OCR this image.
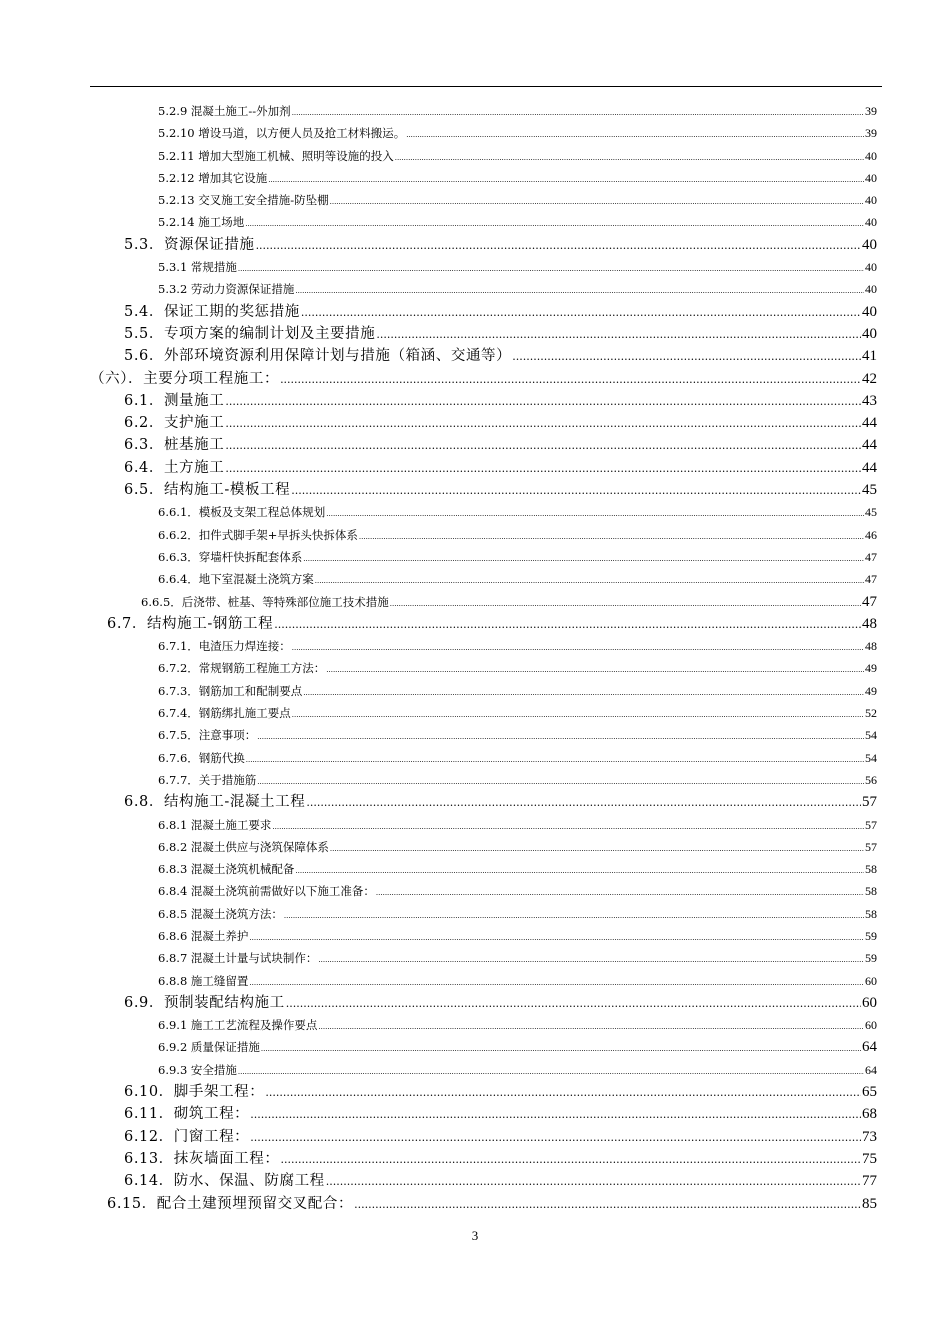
5.2.9 混凝土施工--外加剂 .....	39
5.2.10 增设马道，以方便人员及抢工材料搬运。 .....	39
5.2.11 增加大型施工机械、照明等设施的投入 .....	40
5.2.12 增加其它设施 .....	40
5.2.13 交叉施工安全措施-防坠棚 .....	40
5.2.14 施工场地 .....	40
5.3．资源保证措施 .....	40
5.3.1 常规措施 .....	40
5.3.2 劳动力资源保证措施 .....	40
5.4．保证工期的奖惩措施 .....	40
5.5．专项方案的编制计划及主要措施 .....	40
5.6．外部环境资源利用保障计划与措施（箱涵、交通等） .....	41
（六）．主要分项工程施工： .....	42
6.1．测量施工 .....	43
6.2．支护施工 .....	44
6.3．桩基施工 .....	44
6.4．土方施工 .....	44
6.5．结构施工-模板工程 .....	45
6.6.1．模板及支架工程总体规划 .....	45
6.6.2．扣件式脚手架+早拆头快拆体系 .....	46
6.6.3．穿墙杆快拆配套体系 .....	47
6.6.4．地下室混凝土浇筑方案 .....	47
6.6.5．后浇带、桩基、等特殊部位施工技术措施 .....	47
6.7．结构施工-钢筋工程 .....	48
6.7.1．电渣压力焊连接： .....	48
6.7.2．常规钢筋工程施工方法： .....	49
6.7.3．钢筋加工和配制要点 .....	49
6.7.4．钢筋绑扎施工要点 .....	52
6.7.5．注意事项： .....	54
6.7.6．钢筋代换 .....	54
6.7.7．关于措施筋 .....	56
6.8．结构施工-混凝土工程 .....	57
6.8.1 混凝土施工要求 .....	57
6.8.2 混凝土供应与浇筑保障体系 .....	57
6.8.3 混凝土浇筑机械配备 .....	58
6.8.4 混凝土浇筑前需做好以下施工准备： .....	58
6.8.5 混凝土浇筑方法： .....	58
6.8.6 混凝土养护 .....	59
6.8.7 混凝土计量与试块制作： .....	59
6.8.8 施工缝留置 .....	60
6.9．预制装配结构施工 .....	60
6.9.1 施工工艺流程及操作要点 .....	60
6.9.2 质量保证措施 .....	64
6.9.3 安全措施 .....	64
6.10．脚手架工程： .....	65
6.11．砌筑工程： .....	68
6.12．门窗工程： .....	73
6.13．抹灰墙面工程： .....	75
6.14．防水、保温、防腐工程 .....	77
6.15．配合土建预埋预留交叉配合： .....	85
3
